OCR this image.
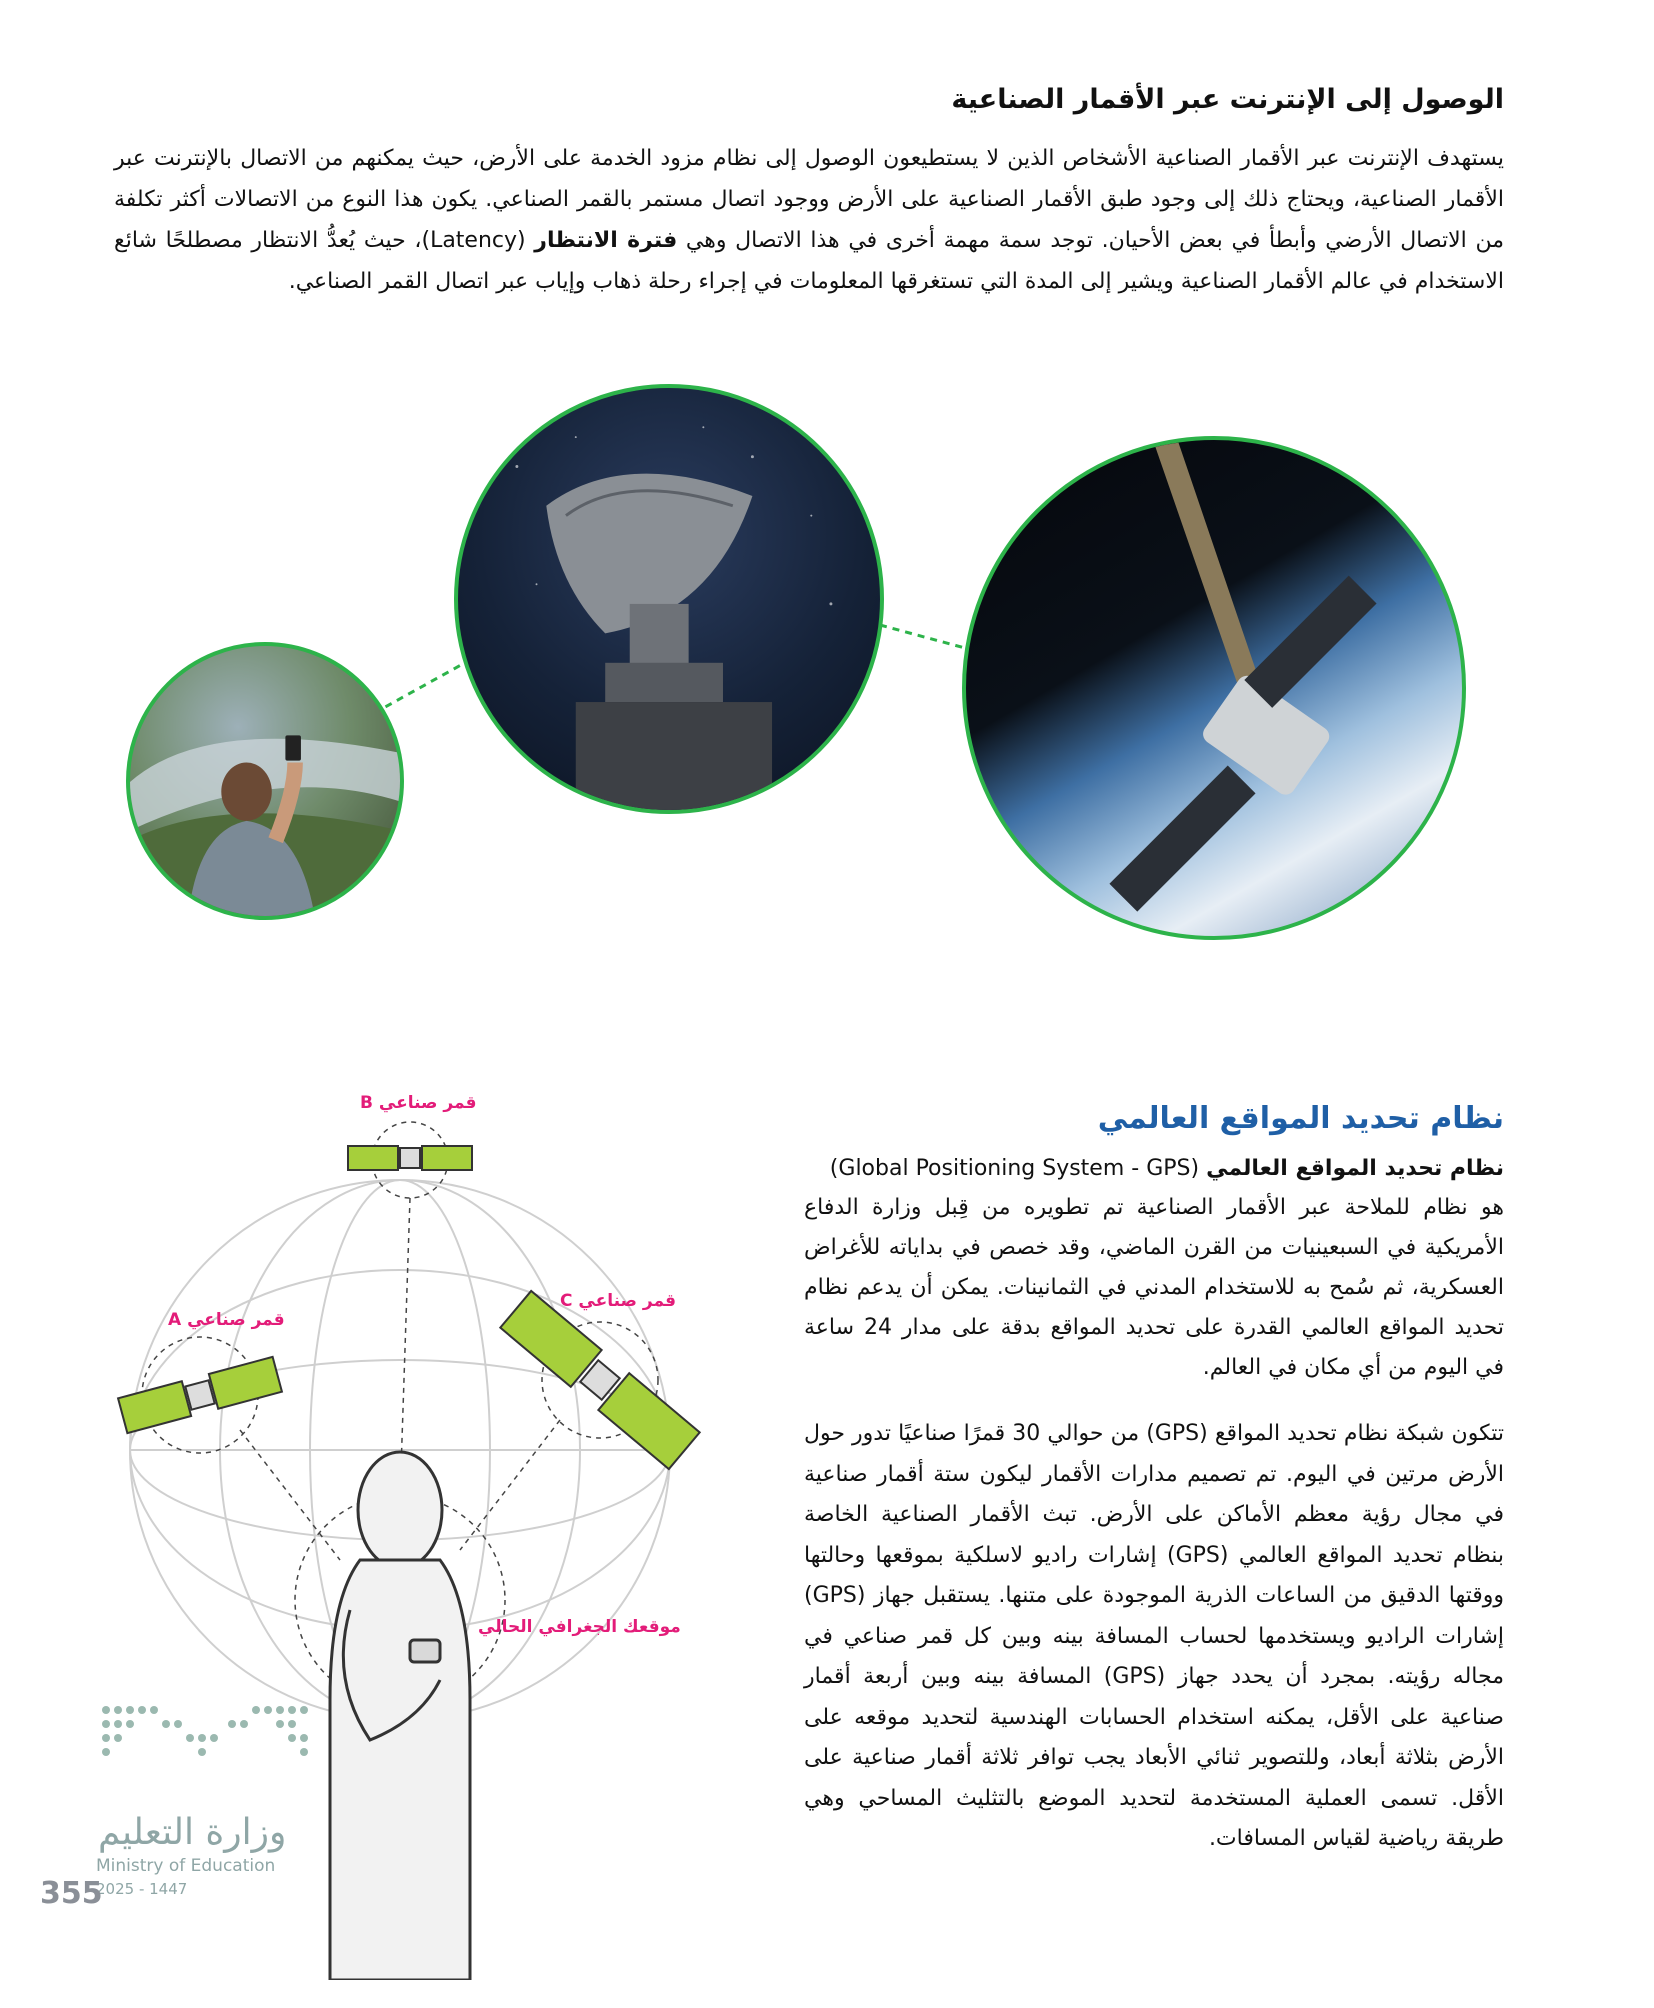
الوصول إلى الإنترنت عبر الأقمار الصناعية
يستهدف الإنترنت عبر الأقمار الصناعية الأشخاص الذين لا يستطيعون الوصول إلى نظام مزود الخدمة على الأرض، حيث يمكنهم من الاتصال بالإنترنت عبر الأقمار الصناعية، ويحتاج ذلك إلى وجود طبق الأقمار الصناعية على الأرض ووجود اتصال مستمر بالقمر الصناعي. يكون هذا النوع من الاتصالات أكثر تكلفة من الاتصال الأرضي وأبطأ في بعض الأحيان. توجد سمة مهمة أخرى في هذا الاتصال وهي فترة الانتظار (Latency)، حيث يُعدُّ الانتظار مصطلحًا شائع الاستخدام في عالم الأقمار الصناعية ويشير إلى المدة التي تستغرقها المعلومات في إجراء رحلة ذهاب وإياب عبر اتصال القمر الصناعي.
نظام تحديد المواقع العالمي
نظام تحديد المواقع العالمي (Global Positioning System - GPS)
هو نظام للملاحة عبر الأقمار الصناعية تم تطويره من قِبل وزارة الدفاع الأمريكية في السبعينيات من القرن الماضي، وقد خصص في بداياته للأغراض العسكرية، ثم سُمح به للاستخدام المدني في الثمانينات. يمكن أن يدعم نظام تحديد المواقع العالمي القدرة على تحديد المواقع بدقة على مدار 24 ساعة في اليوم من أي مكان في العالم.
تتكون شبكة نظام تحديد المواقع (GPS) من حوالي 30 قمرًا صناعيًا تدور حول الأرض مرتين في اليوم. تم تصميم مدارات الأقمار ليكون ستة أقمار صناعية في مجال رؤية معظم الأماكن على الأرض. تبث الأقمار الصناعية الخاصة بنظام تحديد المواقع العالمي (GPS) إشارات راديو لاسلكية بموقعها وحالتها ووقتها الدقيق من الساعات الذرية الموجودة على متنها. يستقبل جهاز (GPS) إشارات الراديو ويستخدمها لحساب المسافة بينه وبين كل قمر صناعي في مجاله رؤيته. بمجرد أن يحدد جهاز (GPS) المسافة بينه وبين أربعة أقمار صناعية على الأقل، يمكنه استخدام الحسابات الهندسية لتحديد موقعه على الأرض بثلاثة أبعاد، وللتصوير ثنائي الأبعاد يجب توافر ثلاثة أقمار صناعية على الأقل. تسمى العملية المستخدمة لتحديد الموضع بالتثليث المساحي وهي طريقة رياضية لقياس المسافات.
قمر صناعي B
قمر صناعي A
قمر صناعي C
موقعك الجغرافي الحالي
وزارة التعليم
Ministry of Education
2025 - 1447
355
